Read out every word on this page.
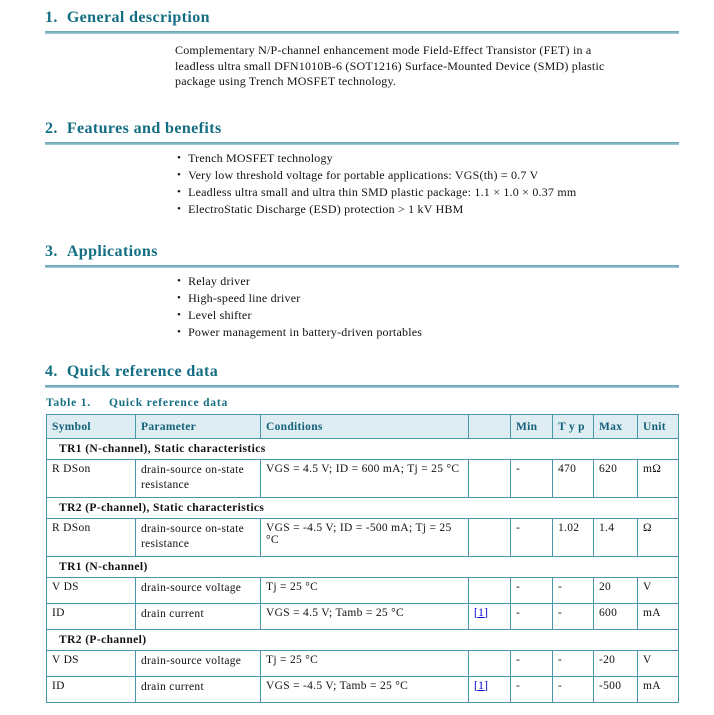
1. General description
Complementary N/P-channel enhancement mode Field-Effect Transistor (FET) in a
leadless ultra small DFN1010B-6 (SOT1216) Surface-Mounted Device (SMD) plastic
package using Trench MOSFET technology.
2. Features and benefits
• Trench MOSFET technology
• Very low threshold voltage for portable applications: VGS(th) = 0.7 V
• Leadless ultra small and ultra thin SMD plastic package: 1.1 × 1.0 × 0.37 mm
• ElectroStatic Discharge (ESD) protection > 1 kV HBM
3. Applications
• Relay driver
• High-speed line driver
• Level shifter
• Power management in battery-driven portables
4. Quick reference data
Table 1. Quick reference data
Symbol	Parameter	Conditions		Min	T y p	Max	Unit
TR1 (N-channel), Static characteristics							
R DSon	drain-source on-state resistance	VGS = 4.5 V; ID = 600 mA; Tj = 25 °C		-	470	620	mΩ
TR2 (P-channel), Static characteristics							
R DSon	drain-source on-state resistance	VGS = -4.5 V; ID = -500 mA; Tj = 25 °C		-	1.02	1.4	Ω
TR1 (N-channel)							
V DS	drain-source voltage	Tj = 25 °C		-	-	20	V
ID	drain current	VGS = 4.5 V; Tamb = 25 °C	[1]	-	-	600	mA
TR2 (P-channel)							
V DS	drain-source voltage	Tj = 25 °C		-	-	-20	V
ID	drain current	VGS = -4.5 V; Tamb = 25 °C	[1]	-	-	-500	mA
